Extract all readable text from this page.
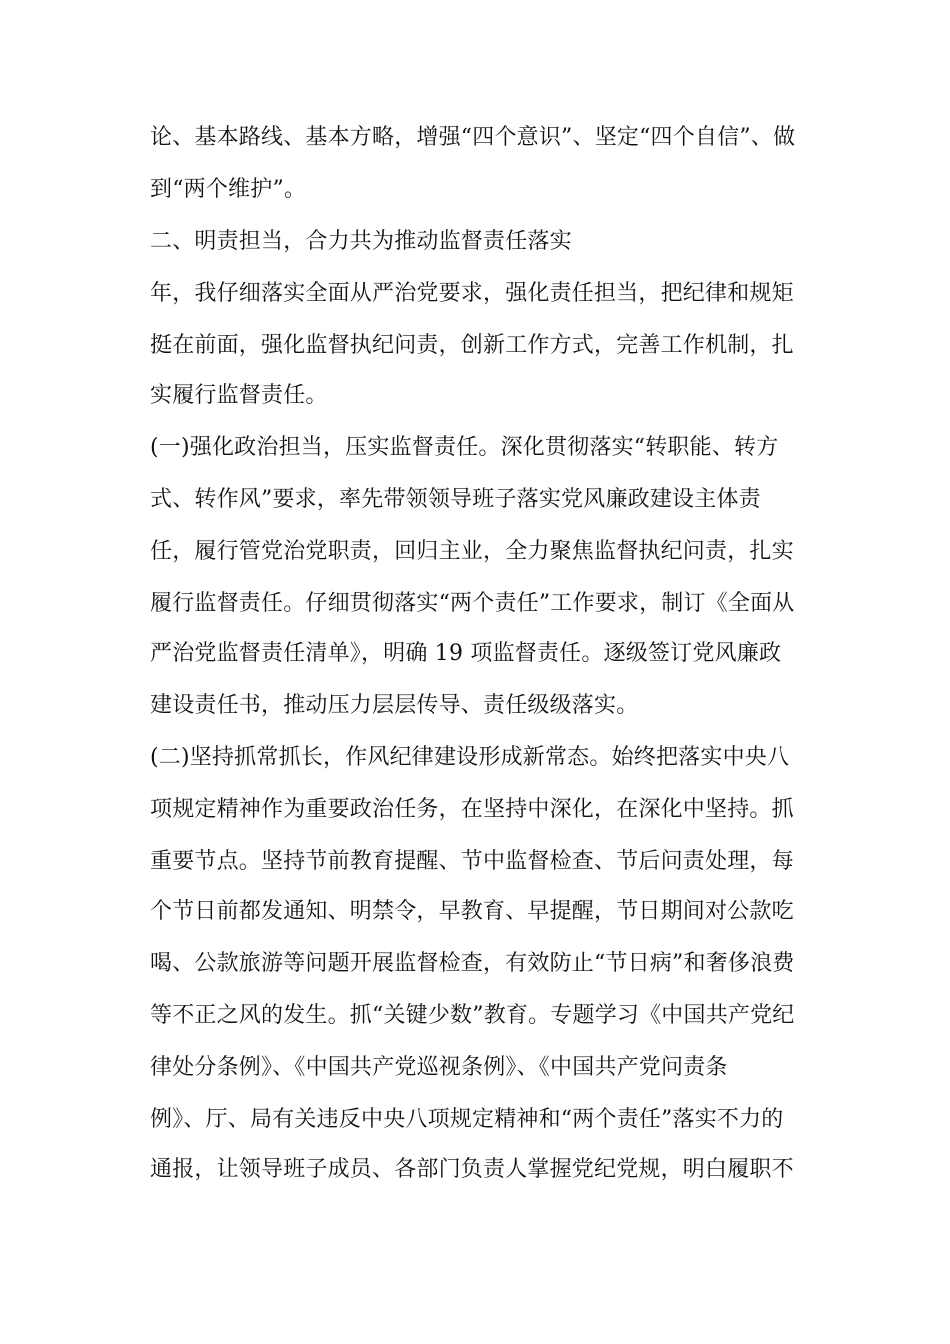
论、基本路线、基本方略，增强“四个意识”、坚定“四个自信”、做
到“两个维护”。
二、明责担当，合力共为推动监督责任落实
年，我仔细落实全面从严治党要求，强化责任担当，把纪律和规矩
挺在前面，强化监督执纪问责，创新工作方式，完善工作机制，扎
实履行监督责任。
(一)强化政治担当，压实监督责任。深化贯彻落实“转职能、转方
式、转作风”要求，率先带领领导班子落实党风廉政建设主体责
任，履行管党治党职责，回归主业，全力聚焦监督执纪问责，扎实
履行监督责任。仔细贯彻落实“两个责任”工作要求，制订《全面从
严治党监督责任清单》，明确 19 项监督责任。逐级签订党风廉政
建设责任书，推动压力层层传导、责任级级落实。
(二)坚持抓常抓长，作风纪律建设形成新常态。始终把落实中央八
项规定精神作为重要政治任务，在坚持中深化，在深化中坚持。抓
重要节点。坚持节前教育提醒、节中监督检查、节后问责处理，每
个节日前都发通知、明禁令，早教育、早提醒，节日期间对公款吃
喝、公款旅游等问题开展监督检查，有效防止“节日病”和奢侈浪费
等不正之风的发生。抓“关键少数”教育。专题学习《中国共产党纪
律处分条例》、《中国共产党巡视条例》、《中国共产党问责条
例》、厅、局有关违反中央八项规定精神和“两个责任”落实不力的
通报，让领导班子成员、各部门负责人掌握党纪党规，明白履职不
